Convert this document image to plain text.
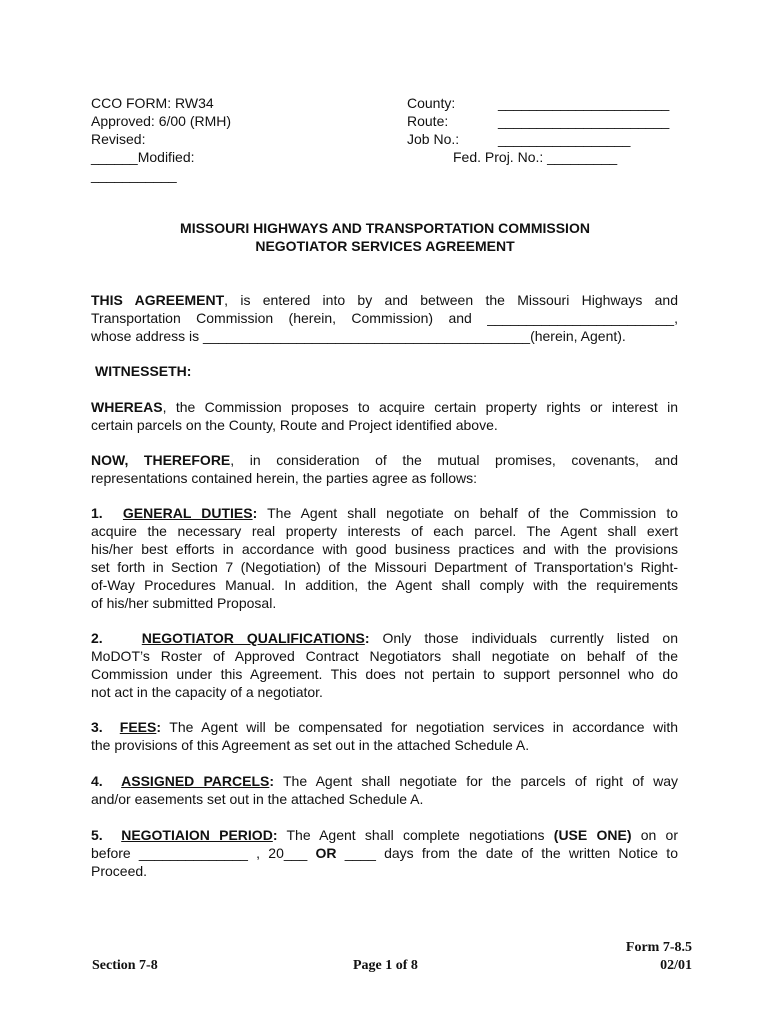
CCO FORM: RW34
Approved: 6/00 (RMH)
Revised:
______Modified:
___________
County:	______________________
Route:	______________________
Job No.:	_________________
Fed. Proj. No.: _________
MISSOURI HIGHWAYS AND TRANSPORTATION COMMISSION
NEGOTIATOR SERVICES AGREEMENT
THIS AGREEMENT, is entered into by and between the Missouri Highways and
Transportation Commission (herein, Commission) and ________________________,
whose address is __________________________________________(herein, Agent).
WITNESSETH:
WHEREAS, the Commission proposes to acquire certain property rights or interest in
certain parcels on the County, Route and Project identified above.
NOW, THEREFORE, in consideration of the mutual promises, covenants, and
representations contained herein, the parties agree as follows:
1. GENERAL DUTIES: The Agent shall negotiate on behalf of the Commission to
acquire the necessary real property interests of each parcel. The Agent shall exert
his/her best efforts in accordance with good business practices and with the provisions
set forth in Section 7 (Negotiation) of the Missouri Department of Transportation's Right-
of-Way Procedures Manual. In addition, the Agent shall comply with the requirements
of his/her submitted Proposal.
2.	NEGOTIATOR QUALIFICATIONS: Only those individuals currently listed on
MoDOT’s Roster of Approved Contract Negotiators shall negotiate on behalf of the
Commission under this Agreement. This does not pertain to support personnel who do
not act in the capacity of a negotiator.
3. FEES: The Agent will be compensated for negotiation services in accordance with
the provisions of this Agreement as set out in the attached Schedule A.
4. ASSIGNED PARCELS: The Agent shall negotiate for the parcels of right of way
and/or easements set out in the attached Schedule A.
5. NEGOTIAION PERIOD: The Agent shall complete negotiations (USE ONE) on or
before ______________ , 20___ OR ____ days from the date of the written Notice to
Proceed.
Section 7-8	Page 1 of 8
Form 7-8.5
02/01
